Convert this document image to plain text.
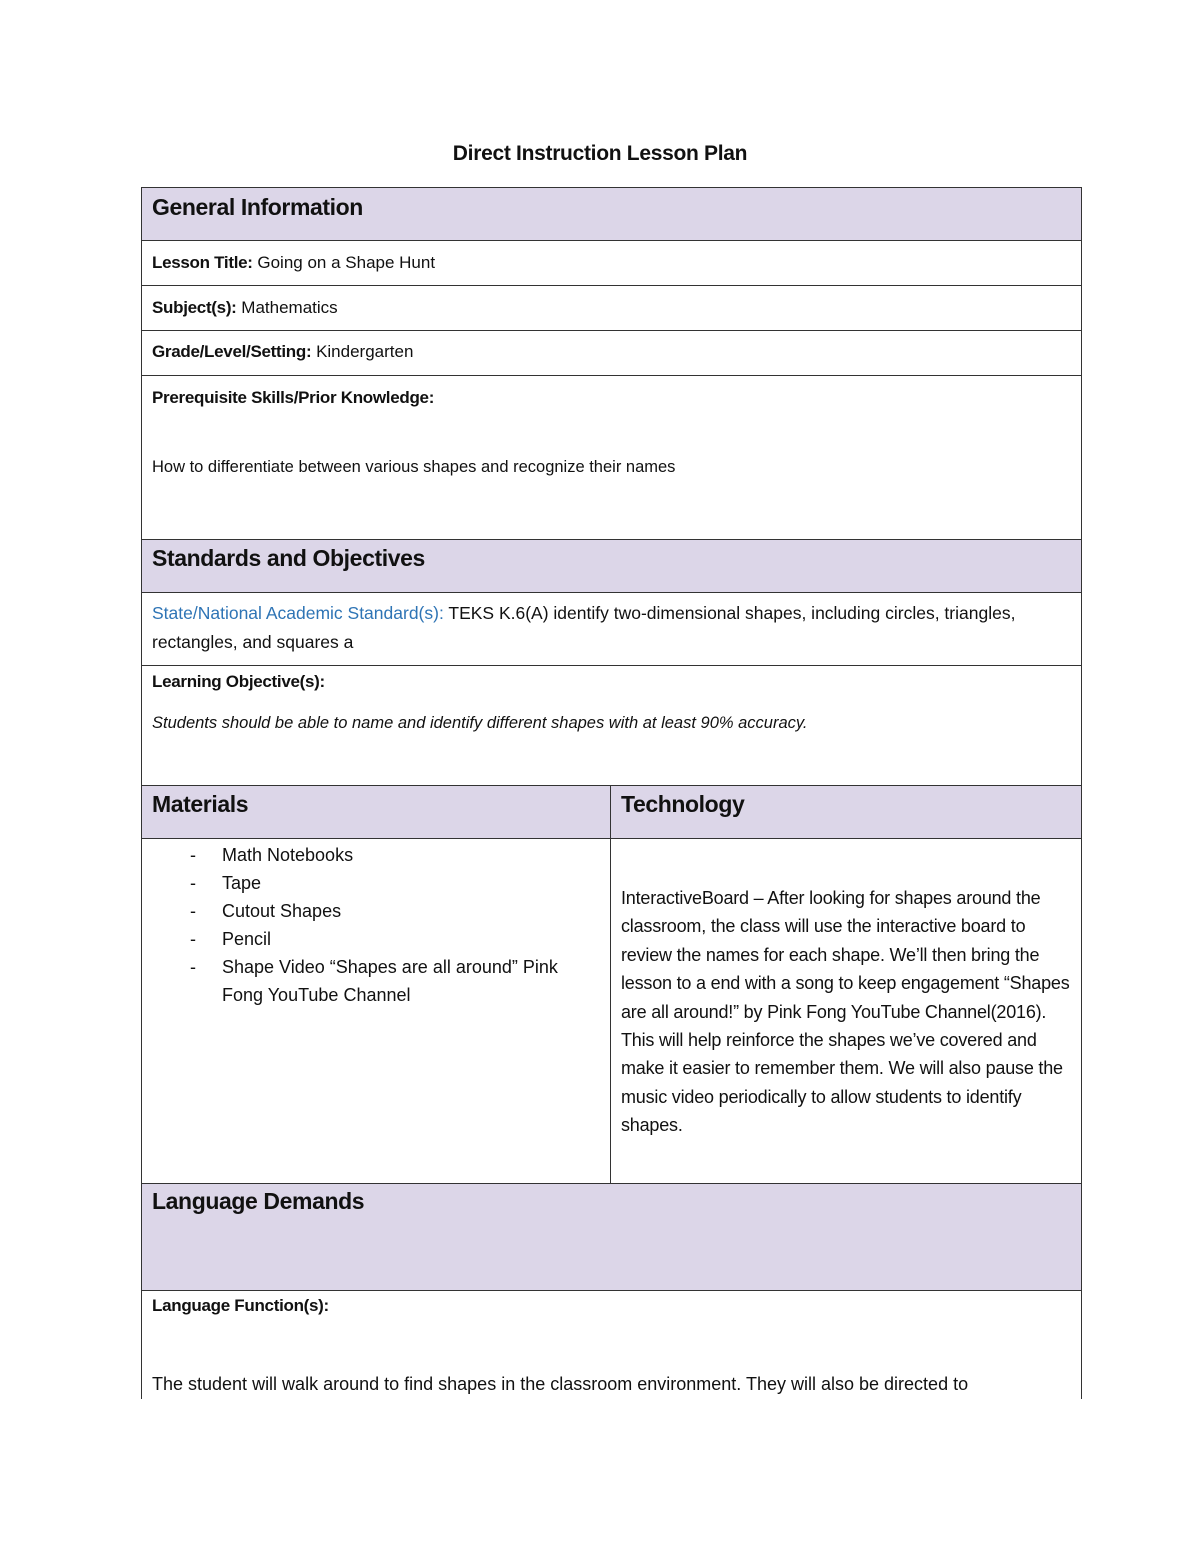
Direct Instruction Lesson Plan
General Information
Lesson Title: Going on a Shape Hunt
Subject(s): Mathematics
Grade/Level/Setting: Kindergarten
Prerequisite Skills/Prior Knowledge:
How to differentiate between various shapes and recognize their names
Standards and Objectives
State/National Academic Standard(s): TEKS K.6(A) identify two-dimensional shapes, including circles, triangles, rectangles, and squares a
Learning Objective(s):
Students should be able to name and identify different shapes with at least 90% accuracy.
Materials	Technology
- Math Notebooks
- Tape
- Cutout Shapes
- Pencil
- Shape Video “Shapes are all around” Pink Fong YouTube Channel
InteractiveBoard – After looking for shapes around the classroom, the class will use the interactive board to review the names for each shape. We’ll then bring the lesson to a end with a song to keep engagement “Shapes are all around!” by Pink Fong YouTube Channel(2016). This will help reinforce the shapes we’ve covered and make it easier to remember them. We will also pause the music video periodically to allow students to identify shapes.
Language Demands
Language Function(s):
The student will walk around to find shapes in the classroom environment. They will also be directed to
